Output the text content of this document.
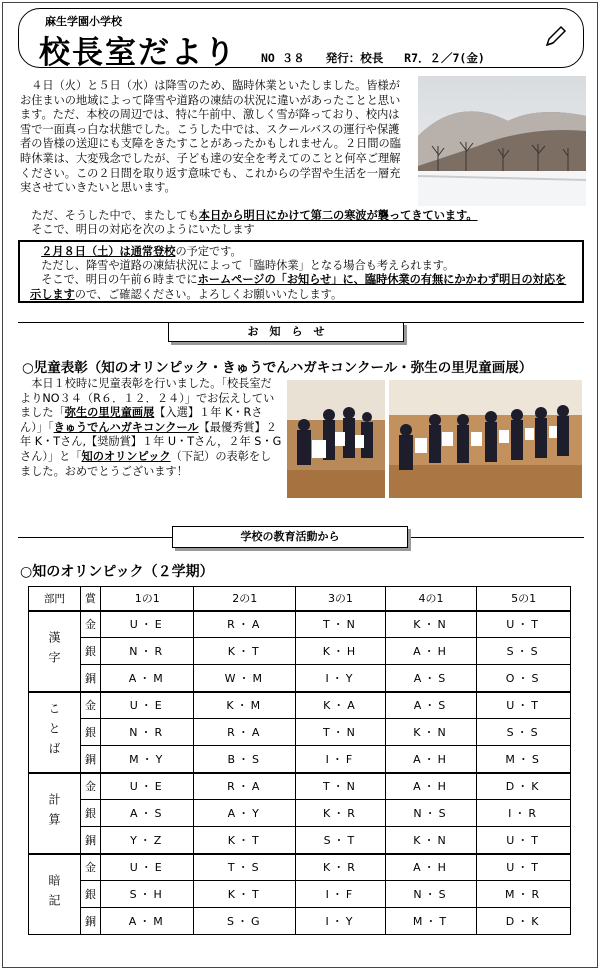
麻生学園小学校
校長室だより NO ３８ 発行：校長 R7．２／7(金)

４日（火）と５日（水）は降雪のため、臨時休業といたしました。皆様がお住まいの地域によって降雪や道路の凍結の状況に違いがあったことと思います。ただ、本校の周辺では、特に午前中、激しく雪が降っており、校内は雪で一面真っ白な状態でした。こうした中では、スクールバスの運行や保護者の皆様の送迎にも支障をきたすことがあったかもしれません。２日間の臨時休業は、大変残念でしたが、子ども達の安全を考えてのことと何卒ご理解ください。この２日間を取り返す意味でも、これからの学習や生活を一層充実させていきたいと思います。

ただ、そうした中で、またしても本日から明日にかけて第二の寒波が襲ってきています。
そこで、明日の対応を次のようにいたします
２月８日（土）は通常登校の予定です。
ただし、降雪や道路の凍結状況によって「臨時休業」となる場合も考えられます。
そこで、明日の午前６時までにホームページの「お知らせ」に、臨時休業の有無にかかわず明日の対応を示しますので、ご確認ください。よろしくお願いいたします。
お　知　ら　せ
○児童表彰（知のオリンピック・きゅうでんハガキコンクール・弥生の里児童画展）

本日１校時に児童表彰を行いました。「校長室だよりNO３４（R６．１２．２４）」でお伝えしていました「弥生の里児童画展【入選】１年 K・Rさん）」「きゅうでんハガキコンクール【最優秀賞】２年 K・Tさん,【奨励賞】１年 U・Tさん，２年 S・Gさん）」と「知のオリンピック（下記）の表彰をしました。おめでとうございます！

学校の教育活動から
○知のオリンピック（２学期）
部門	賞	1の1	2の1	3の1	4の1	5の1
漢字	金	U・E	R・A	T・N	K・N	U・T
	銀	N・R	K・T	K・H	A・H	S・S
	銅	A・M	W・M	I・Y	A・S	O・S
ことば	金	U・E	K・M	K・A	A・S	U・T
	銀	N・R	R・A	T・N	K・N	S・S
	銅	M・Y	B・S	I・F	A・H	M・S
計算	金	U・E	R・A	T・N	A・H	D・K
	銀	A・S	A・Y	K・R	N・S	I・R
	銅	Y・Z	K・T	S・T	K・N	U・T
暗記	金	U・E	T・S	K・R	A・H	U・T
	銀	S・H	K・T	I・F	N・S	M・R
	銅	A・M	S・G	I・Y	M・T	D・K
